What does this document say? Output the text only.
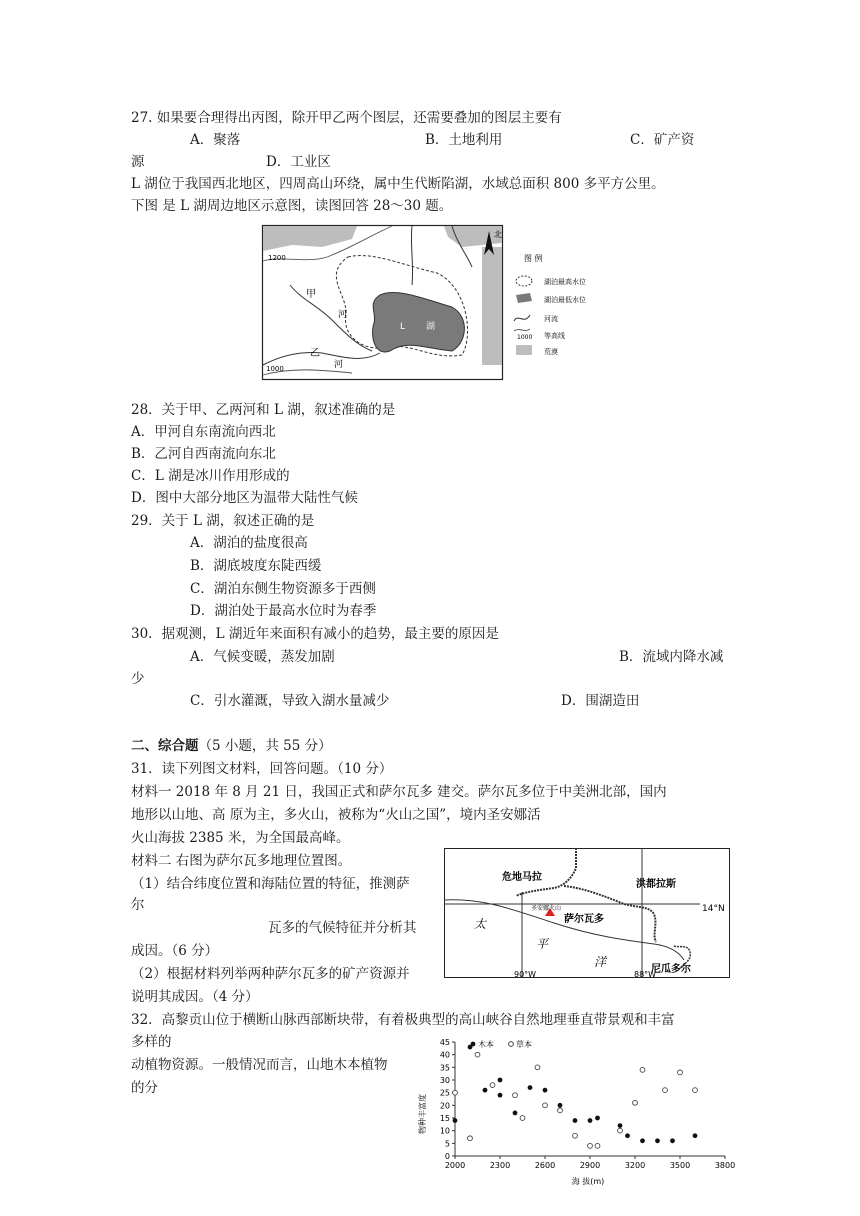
27. 如果要合理得出丙图，除开甲乙两个图层，还需要叠加的图层主要有
A．聚落	B．土地利用	C．矿产资
源	D．工业区
L 湖位于我国西北地区，四周高山环绕，属中生代断陷湖，水域总面积 800 多平方公里。
下图 是 L 湖周边地区示意图，读图回答 28～30 题。
1200
1000
甲
河
乙
河
L 湖
北
图 例
湖泊最高水位
湖泊最低水位
河流
1000 等高线
荒漠
28．关于甲、乙两河和 L 湖，叙述准确的是
A．甲河自东南流向西北
B．乙河自西南流向东北
C．L 湖是冰川作用形成的
D．图中大部分地区为温带大陆性气候
29．关于 L 湖，叙述正确的是
A．湖泊的盐度很高
B．湖底坡度东陡西缓
C．湖泊东侧生物资源多于西侧
D．湖泊处于最高水位时为春季
30．据观测，L 湖近年来面积有减小的趋势，最主要的原因是
A．气候变暖，蒸发加剧	B．流域内降水减
少
C．引水灌溉，导致入湖水量减少	D．围湖造田
二、综合题（5 小题，共 55 分）
31．读下列图文材料，回答问题。（10 分）
材料一 2018 年 8 月 21 日，我国正式和萨尔瓦多 建交。萨尔瓦多位于中美洲北部，国内
地形以山地、高 原为主，多火山，被称为“火山之国”，境内圣安娜活
火山海拔 2385 米，为全国最高峰。
材料二 右图为萨尔瓦多地理位置图。
（1）结合纬度位置和海陆位置的特征，推测萨
尔
瓦多的气候特征并分析其
成因。（6 分）
（2）根据材料列举两种萨尔瓦多的矿产资源并
说明其成因。（4 分）
危地马拉
洪都拉斯
圣安娜火山
萨尔瓦多
太
平
洋
尼瓜多尔
14°N
90°W	88°W
32．高黎贡山位于横断山脉西部断块带，有着极典型的高山峡谷自然地理垂直带景观和丰富
多样的
动植物资源。一般情况而言，山地木本植物
的分
2000	2300	2600	2900	3200	3500	3800
0
5
10
15
20
25
30
35
40
45	木本	草本
海 拔(m)
物种丰富度
